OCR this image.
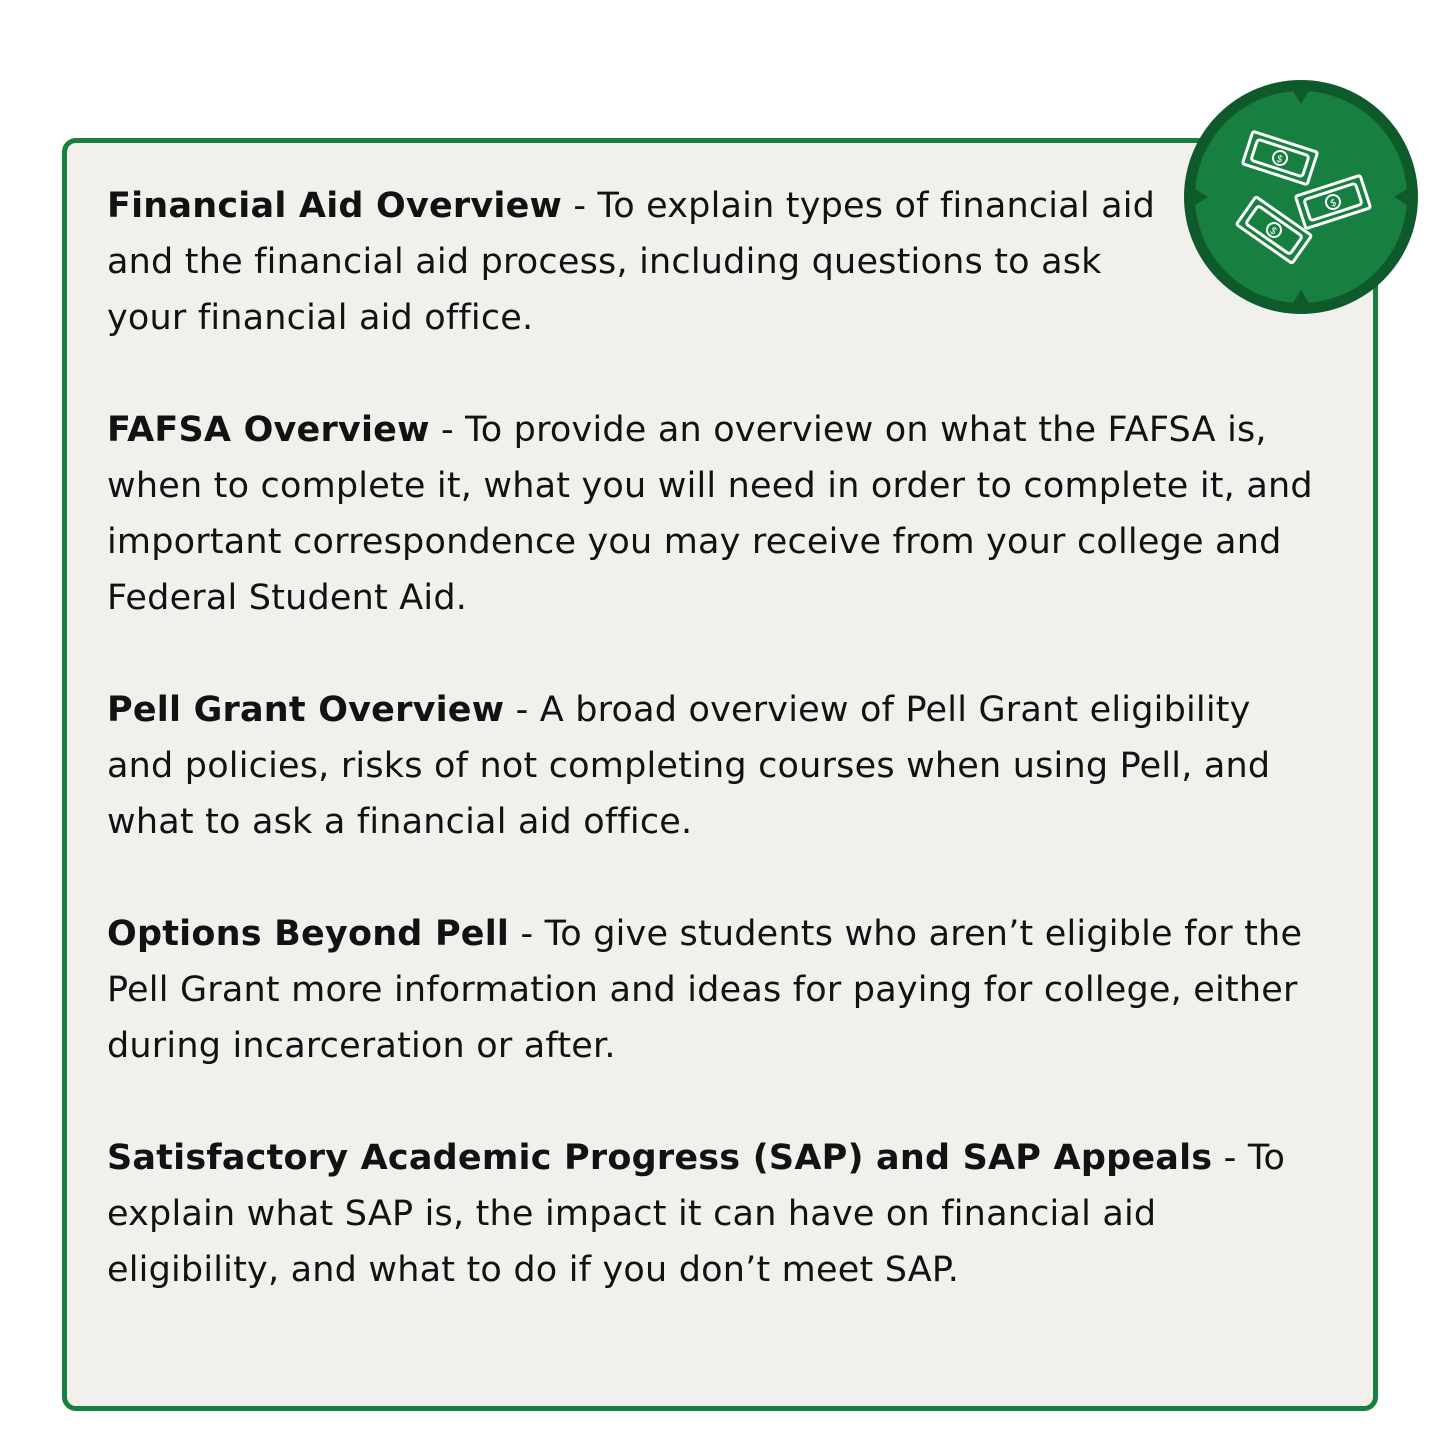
Financial Aid Overview - To explain types of financial aid and the financial aid process, including questions to ask your financial aid office.

FAFSA Overview - To provide an overview on what the FAFSA is, when to complete it, what you will need in order to complete it, and important correspondence you may receive from your college and Federal Student Aid.

Pell Grant Overview - A broad overview of Pell Grant eligibility and policies, risks of not completing courses when using Pell, and what to ask a financial aid office.

Options Beyond Pell - To give students who aren’t eligible for the Pell Grant more information and ideas for paying for college, either during incarceration or after.

Satisfactory Academic Progress (SAP) and SAP Appeals - To explain what SAP is, the impact it can have on financial aid eligibility, and what to do if you don’t meet SAP.

$
$
$
